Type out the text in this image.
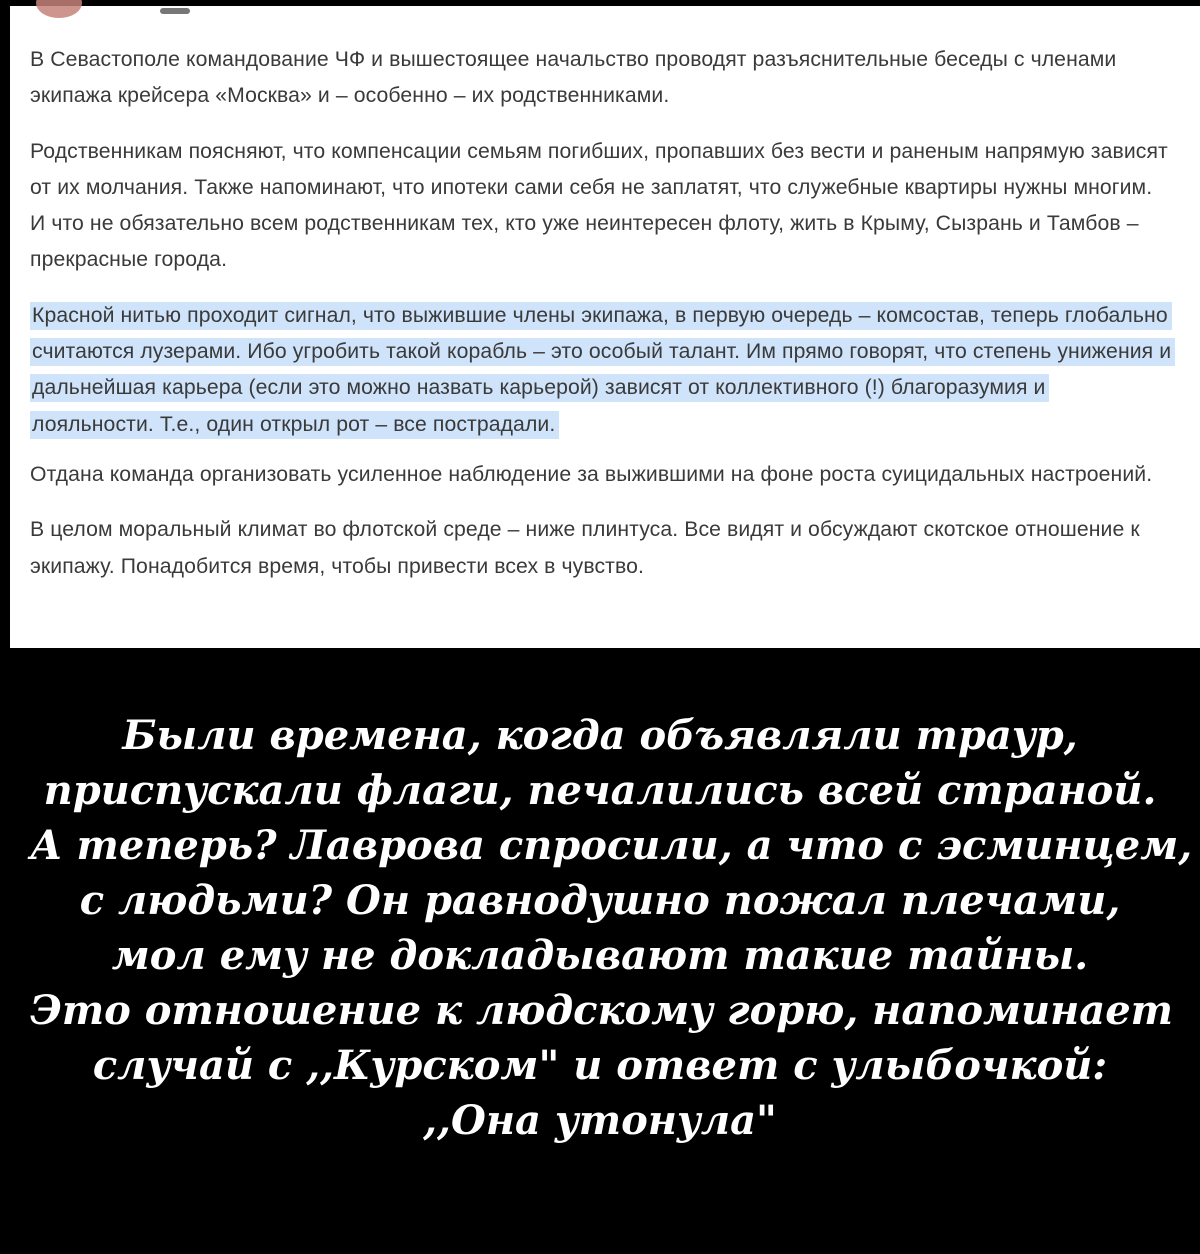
В Севастополе командование ЧФ и вышестоящее начальство проводят разъяснительные беседы с членами экипажа крейсера «Москва» и – особенно – их родственниками.

Родственникам поясняют, что компенсации семьям погибших, пропавших без вести и раненым напрямую зависят от их молчания. Также напоминают, что ипотеки сами себя не заплатят, что служебные квартиры нужны многим. И что не обязательно всем родственникам тех, кто уже неинтересен флоту, жить в Крыму, Сызрань и Тамбов – прекрасные города.

Красной нитью проходит сигнал, что выжившие члены экипажа, в первую очередь – комсостав, теперь глобально считаются лузерами. Ибо угробить такой корабль – это особый талант. Им прямо говорят, что степень унижения и дальнейшая карьера (если это можно назвать карьерой) зависят от коллективного (!) благоразумия и лояльности. Т.е., один открыл рот – все пострадали.

Отдана команда организовать усиленное наблюдение за выжившими на фоне роста суицидальных настроений.

В целом моральный климат во флотской среде – ниже плинтуса. Все видят и обсуждают скотское отношение к экипажу. Понадобится время, чтобы привести всех в чувство.

Были времена, когда объявляли траур,
приспускали флаги, печалились всей страной.
А теперь? Лаврова спросили, а что с эсминцем,
с людьми? Он равнодушно пожал плечами,
мол ему не докладывают такие тайны.
Это отношение к людскому горю, напоминает
случай с ,,Курском" и ответ с улыбочкой:
,,Она утонула"
